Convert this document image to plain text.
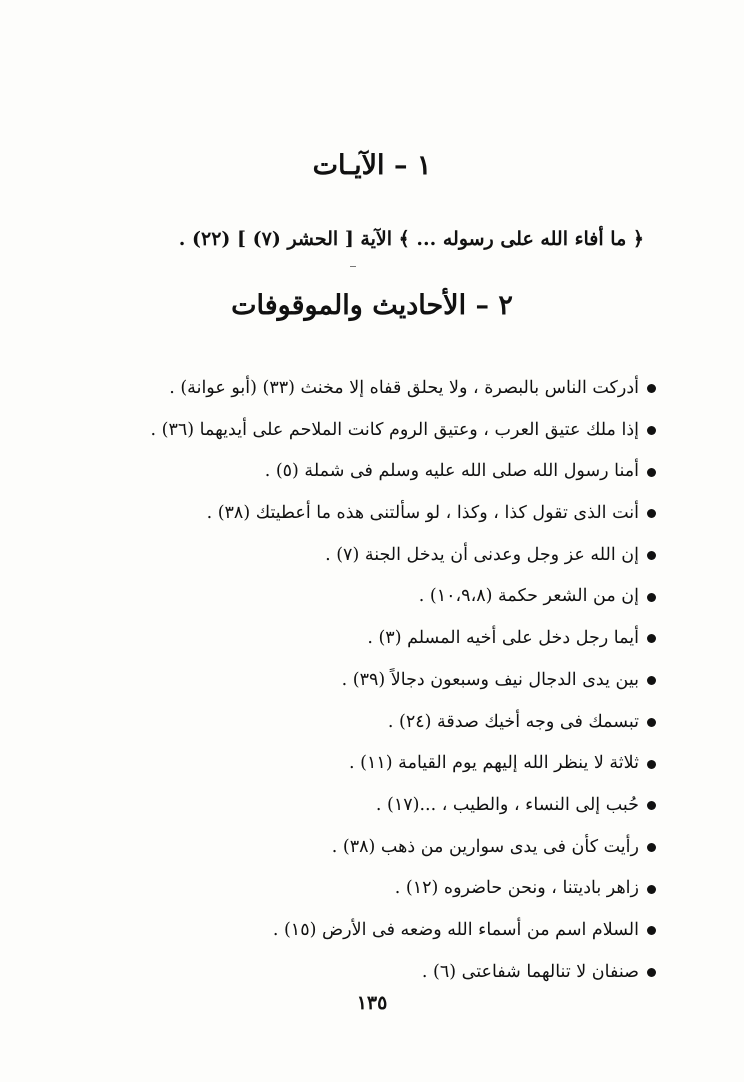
١ – الآيـات
﴿ ما أفاء الله على رسوله ... ﴾ الآية [ الحشر (٧) ] (٢٢) .
٢ – الأحاديث والموقوفات
أدركت الناس بالبصرة ، ولا يحلق قفاه إلا مخنث (٣٣) (أبو عوانة) .
إذا ملك عتيق العرب ، وعتيق الروم كانت الملاحم على أيديهما (٣٦) .
أمنا رسول الله صلى الله عليه وسلم فى شملة (٥) .
أنت الذى تقول كذا ، وكذا ، لو سألتنى هذه ما أعطيتك (٣٨) .
إن الله عز وجل وعدنى أن يدخل الجنة (٧) .
إن من الشعر حكمة (١٠،٩،٨) .
أيما رجل دخل على أخيه المسلم (٣) .
بين يدى الدجال نيف وسبعون دجالاً (٣٩) .
تبسمك فى وجه أخيك صدقة (٢٤) .
ثلاثة لا ينظر الله إليهم يوم القيامة (١١) .
حُبب إلى النساء ، والطيب ، ...(١٧) .
رأيت كأن فى يدى سوارين من ذهب (٣٨) .
زاهر باديتنا ، ونحن حاضروه (١٢) .
السلام اسم من أسماء الله وضعه فى الأرض (١٥) .
صنفان لا تنالهما شفاعتى (٦) .
١٣٥
